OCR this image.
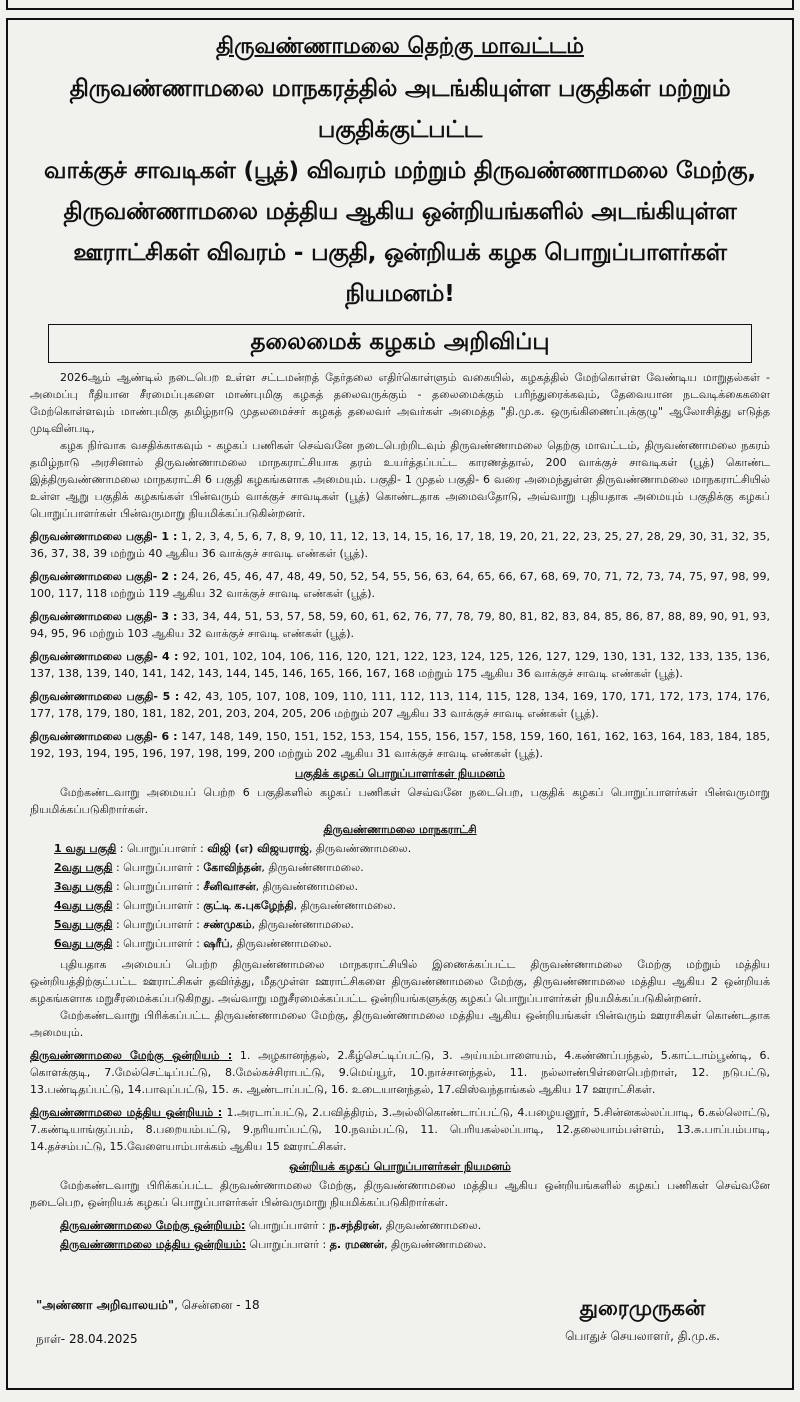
திருவண்ணாமலை தெற்கு மாவட்டம்
திருவண்ணாமலை மாநகரத்தில் அடங்கியுள்ள பகுதிகள் மற்றும் பகுதிக்குட்பட்ட
வாக்குச் சாவடிகள் (பூத்) விவரம் மற்றும் திருவண்ணாமலை மேற்கு,
திருவண்ணாமலை மத்திய ஆகிய ஒன்றியங்களில் அடங்கியுள்ள
ஊராட்சிகள் விவரம் - பகுதி, ஒன்றியக் கழக பொறுப்பாளர்கள் நியமனம்!
தலைமைக் கழகம் அறிவிப்பு

2026ஆம் ஆண்டில் நடைபெற உள்ள சட்டமன்றத் தேர்தலை எதிர்கொள்ளும் வகையில், கழகத்தில் மேற்கொள்ள வேண்டிய மாறுதல்கள் - அமைப்பு ரீதியான சீரமைப்புகளை மாண்புமிகு கழகத் தலைவருக்கும் - தலைமைக்கும் பரிந்துரைக்கவும், தேவையான நடவடிக்கைகளை மேற்கொள்ளவும் மாண்புமிகு தமிழ்நாடு முதலமைச்சர் கழகத் தலைவர் அவர்கள் அமைத்த "தி.மு.க. ஒருங்கிணைப்புக்குழு" ஆலோசித்து எடுத்த முடிவின்படி,

கழக நிர்வாக வசதிக்காகவும் - கழகப் பணிகள் செவ்வனே நடைபெற்றிடவும் திருவண்ணாமலை தெற்கு மாவட்டம், திருவண்ணாமலை நகரம் தமிழ்நாடு அரசினால் திருவண்ணாமலை மாநகராட்சியாக தரம் உயர்த்தப்பட்ட காரணத்தால், 200 வாக்குச் சாவடிகள் (பூத்) கொண்ட இத்திருவண்ணாமலை மாநகராட்சி 6 பகுதி கழகங்களாக அமையும். பகுதி- 1 முதல் பகுதி- 6 வரை அமைந்துள்ள திருவண்ணாமலை மாநகராட்சியில் உள்ள ஆறு பகுதிக் கழகங்கள் பின்வரும் வாக்குச் சாவடிகள் (பூத்) கொண்டதாக அமைவதோடு, அவ்வாறு புதியதாக அமையும் பகுதிக்கு கழகப் பொறுப்பாளர்கள் பின்வருமாறு நியமிக்கப்படுகின்றனர்.

திருவண்ணாமலை பகுதி- 1 : 1, 2, 3, 4, 5, 6, 7, 8, 9, 10, 11, 12, 13, 14, 15, 16, 17, 18, 19, 20, 21, 22, 23, 25, 27, 28, 29, 30, 31, 32, 35, 36, 37, 38, 39 மற்றும் 40 ஆகிய 36 வாக்குச் சாவடி எண்கள் (பூத்).
திருவண்ணாமலை பகுதி- 2 : 24, 26, 45, 46, 47, 48, 49, 50, 52, 54, 55, 56, 63, 64, 65, 66, 67, 68, 69, 70, 71, 72, 73, 74, 75, 97, 98, 99, 100, 117, 118 மற்றும் 119 ஆகிய 32 வாக்குச் சாவடி எண்கள் (பூத்).
திருவண்ணாமலை பகுதி- 3 : 33, 34, 44, 51, 53, 57, 58, 59, 60, 61, 62, 76, 77, 78, 79, 80, 81, 82, 83, 84, 85, 86, 87, 88, 89, 90, 91, 93, 94, 95, 96 மற்றும் 103 ஆகிய 32 வாக்குச் சாவடி எண்கள் (பூத்).
திருவண்ணாமலை பகுதி- 4 : 92, 101, 102, 104, 106, 116, 120, 121, 122, 123, 124, 125, 126, 127, 129, 130, 131, 132, 133, 135, 136, 137, 138, 139, 140, 141, 142, 143, 144, 145, 146, 165, 166, 167, 168 மற்றும் 175 ஆகிய 36 வாக்குச் சாவடி எண்கள் (பூத்).
திருவண்ணாமலை பகுதி- 5 : 42, 43, 105, 107, 108, 109, 110, 111, 112, 113, 114, 115, 128, 134, 169, 170, 171, 172, 173, 174, 176, 177, 178, 179, 180, 181, 182, 201, 203, 204, 205, 206 மற்றும் 207 ஆகிய 33 வாக்குச் சாவடி எண்கள் (பூத்).
திருவண்ணாமலை பகுதி- 6 : 147, 148, 149, 150, 151, 152, 153, 154, 155, 156, 157, 158, 159, 160, 161, 162, 163, 164, 183, 184, 185, 192, 193, 194, 195, 196, 197, 198, 199, 200 மற்றும் 202 ஆகிய 31 வாக்குச் சாவடி எண்கள் (பூத்).
பகுதிக் கழகப் பொறுப்பாளர்கள் நியமனம்

மேற்கண்டவாறு அமையப் பெற்ற 6 பகுதிகளில் கழகப் பணிகள் செவ்வனே நடைபெற, பகுதிக் கழகப் பொறுப்பாளர்கள் பின்வருமாறு நியமிக்கப்படுகிறார்கள்.

திருவண்ணாமலை மாநகராட்சி
1 வது பகுதி : பொறுப்பாளர் : விஜி (எ) விஜயராஜ், திருவண்ணாமலை.
2வது பகுதி : பொறுப்பாளர் : கோவிந்தன், திருவண்ணாமலை.
3வது பகுதி : பொறுப்பாளர் : சீனிவாசன், திருவண்ணாமலை.
4வது பகுதி : பொறுப்பாளர் : குட்டி க.புகழேந்தி, திருவண்ணாமலை.
5வது பகுதி : பொறுப்பாளர் : சண்முகம், திருவண்ணாமலை.
6வது பகுதி : பொறுப்பாளர் : ஷரீப், திருவண்ணாமலை.

புதியதாக அமையப் பெற்ற திருவண்ணாமலை மாநகராட்சியில் இணைக்கப்பட்ட திருவண்ணாமலை மேற்கு மற்றும் மத்திய ஒன்றியத்திற்குட்பட்ட ஊராட்சிகள் தவிர்த்து, மீதமுள்ள ஊராட்சிகளை திருவண்ணாமலை மேற்கு, திருவண்ணாமலை மத்திய ஆகிய 2 ஒன்றியக் கழகங்களாக மறுசீரமைக்கப்படுகிறது. அவ்வாறு மறுசீரமைக்கப்பட்ட ஒன்றியங்களுக்கு கழகப் பொறுப்பாளர்கள் நியமிக்கப்படுகின்றனர்.

மேற்கண்டவாறு பிரிக்கப்பட்ட திருவண்ணாமலை மேற்கு, திருவண்ணாமலை மத்திய ஆகிய ஒன்றியங்கள் பின்வரும் ஊராசிகள் கொண்டதாக அமையும்.

திருவண்ணாமலை மேற்கு ஒன்றியம் : 1. அழகானந்தல், 2.கீழ்செட்டிப்பட்டு, 3. அய்யம்பாளையம், 4.கண்ணப்பந்தல், 5.காட்டாம்பூண்டி, 6. கொளக்குடி, 7.மேல்செட்டிப்பட்டு, 8.மேல்கச்சிராபட்டு, 9.மெய்யூர், 10.நாச்சானந்தல், 11. நல்லாண்பிள்ளைபெற்றாள், 12. நடுபட்டு, 13.பண்டிதப்பட்டு, 14.பாவுப்பட்டு, 15. சு. ஆண்டாப்பட்டு, 16. உடையானந்தல், 17.விஸ்வந்தாங்கல் ஆகிய 17 ஊராட்சிகள்.
திருவண்ணாமலை மத்திய ஒன்றியம் : 1.அரடாப்பட்டு, 2.பவித்திரம், 3.அல்லிகொண்டாப்பட்டு, 4.பழையனூர், 5.சின்னகல்லப்பாடி, 6.கல்லொட்டு, 7.கண்டியாங்குப்பம், 8.பறையம்பட்டு, 9.நரியாப்பட்டு, 10.நவம்பட்டு, 11. பெரியகல்லப்பாடி, 12.தலையாம்பள்ளம், 13.சு.பாப்பம்பாடி, 14.தச்சம்பட்டு, 15.வேளையாம்பாக்கம் ஆகிய 15 ஊராட்சிகள்.
ஒன்றியக் கழகப் பொறுப்பாளர்கள் நியமனம்

மேற்கண்டவாறு பிரிக்கப்பட்ட திருவண்ணாமலை மேற்கு, திருவண்ணாமலை மத்திய ஆகிய ஒன்றியங்களில் கழகப் பணிகள் செவ்வனே நடைபெற, ஒன்றியக் கழகப் பொறுப்பாளர்கள் பின்வருமாறு நியமிக்கப்படுகிறார்கள்.

திருவண்ணாமலை மேற்கு ஒன்றியம்: பொறுப்பாளர் : ந.சந்திரன், திருவண்ணாமலை.
திருவண்ணாமலை மத்திய ஒன்றியம்: பொறுப்பாளர் : த. ரமணன், திருவண்ணாமலை.
"அண்ணா அறிவாலயம்", சென்னை - 18
நாள்- 28.04.2025
துரைமுருகன்
பொதுச் செயலாளர், தி.மு.க.
